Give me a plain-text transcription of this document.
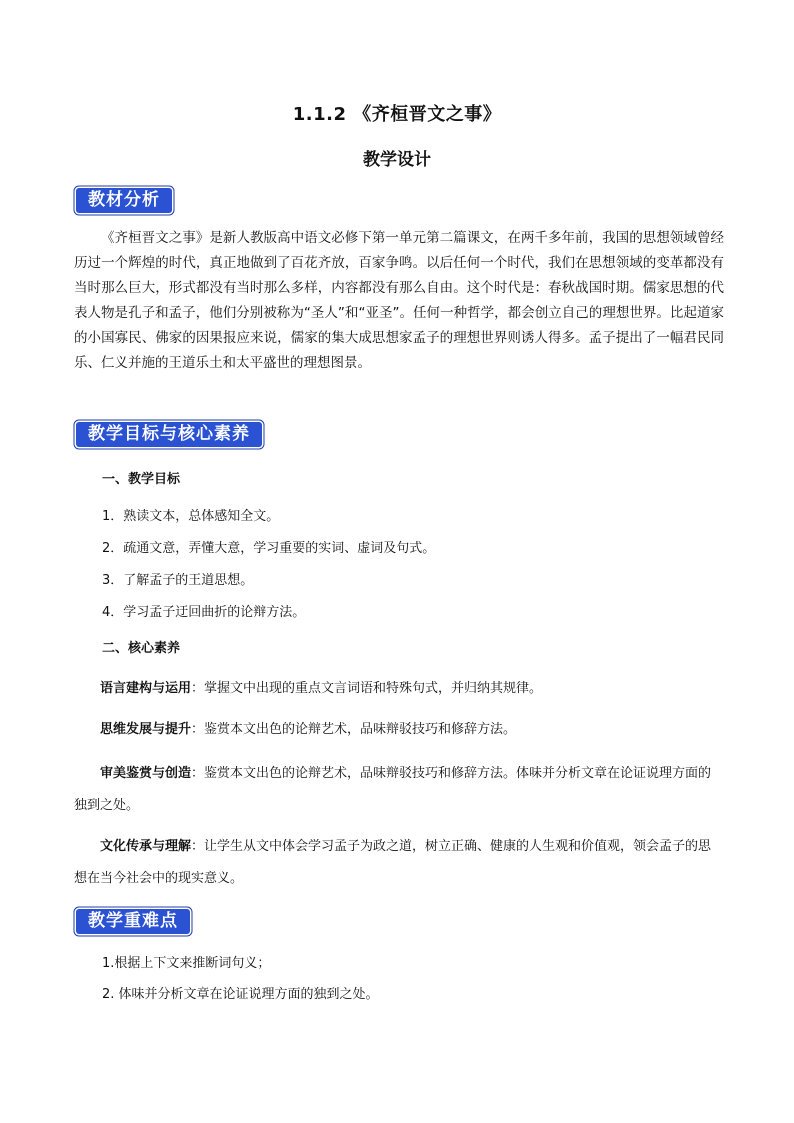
1.1.2 《齐桓晋文之事》
教学设计
教材分析
《齐桓晋文之事》是新人教版高中语文必修下第一单元第二篇课文，在两千多年前，我国的思想领域曾经历过一个辉煌的时代，真正地做到了百花齐放，百家争鸣。以后任何一个时代，我们在思想领域的变革都没有当时那么巨大，形式都没有当时那么多样，内容都没有那么自由。这个时代是：春秋战国时期。儒家思想的代表人物是孔子和孟子，他们分别被称为“圣人”和“亚圣”。任何一种哲学，都会创立自己的理想世界。比起道家的小国寡民、佛家的因果报应来说，儒家的集大成思想家孟子的理想世界则诱人得多。孟子提出了一幅君民同乐、仁义并施的王道乐土和太平盛世的理想图景。
教学目标与核心素养
一、教学目标
1．熟读文本，总体感知全文。
2．疏通文意，弄懂大意，学习重要的实词、虚词及句式。
3．了解孟子的王道思想。
4．学习孟子迂回曲折的论辩方法。
二、核心素养
语言建构与运用：掌握文中出现的重点文言词语和特殊句式，并归纳其规律。
思维发展与提升：鉴赏本文出色的论辩艺术，品味辩驳技巧和修辞方法。
审美鉴赏与创造：鉴赏本文出色的论辩艺术，品味辩驳技巧和修辞方法。体味并分析文章在论证说理方面的独到之处。
文化传承与理解：让学生从文中体会学习孟子为政之道，树立正确、健康的人生观和价值观，领会孟子的思想在当今社会中的现实意义。
教学重难点
1.根据上下文来推断词句义；
2. 体味并分析文章在论证说理方面的独到之处。
